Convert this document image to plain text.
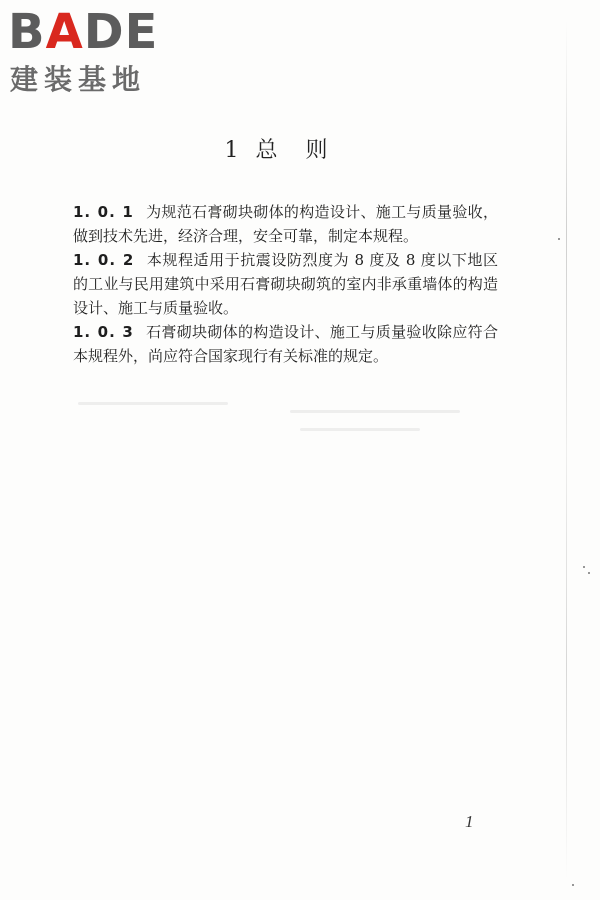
BADE
建装基地
1 总则

1. 0. 1 为规范石膏砌块砌体的构造设计、施工与质量验收，做到技术先进，经济合理，安全可靠，制定本规程。

1. 0. 2 本规程适用于抗震设防烈度为 8 度及 8 度以下地区的工业与民用建筑中采用石膏砌块砌筑的室内非承重墙体的构造设计、施工与质量验收。

1. 0. 3 石膏砌块砌体的构造设计、施工与质量验收除应符合本规程外，尚应符合国家现行有关标准的规定。

1
